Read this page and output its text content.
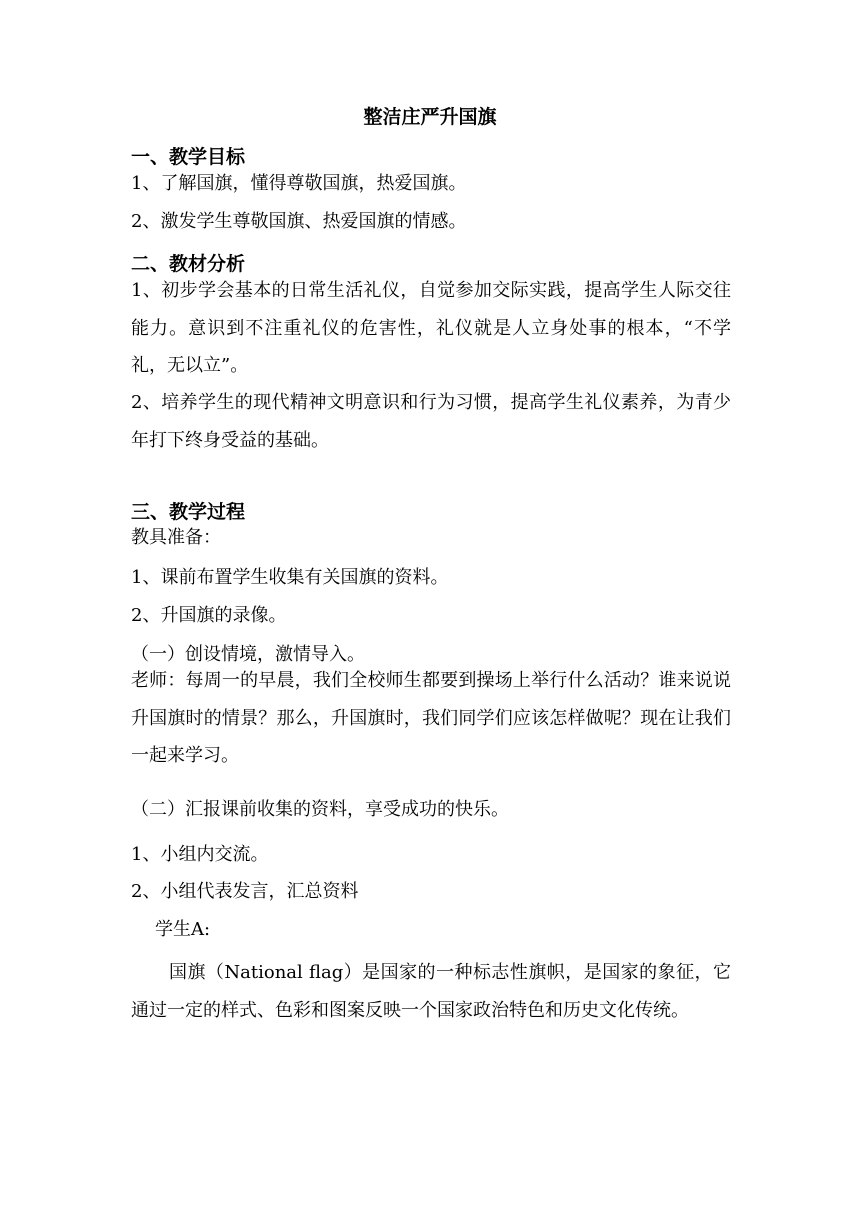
整洁庄严升国旗
一、教学目标
1、了解国旗，懂得尊敬国旗，热爱国旗。
2、激发学生尊敬国旗、热爱国旗的情感。
二、教材分析
1、初步学会基本的日常生活礼仪，自觉参加交际实践，提高学生人际交往能力。意识到不注重礼仪的危害性，礼仪就是人立身处事的根本，“不学礼，无以立”。
2、培养学生的现代精神文明意识和行为习惯，提高学生礼仪素养，为青少年打下终身受益的基础。
三、教学过程
教具准备：
1、课前布置学生收集有关国旗的资料。
2、升国旗的录像。
（一）创设情境，激情导入。
老师：每周一的早晨，我们全校师生都要到操场上举行什么活动？谁来说说升国旗时的情景？那么，升国旗时，我们同学们应该怎样做呢？现在让我们一起来学习。
（二）汇报课前收集的资料，享受成功的快乐。
1、小组内交流。
2、小组代表发言，汇总资料
学生A:
国旗（National flag）是国家的一种标志性旗帜，是国家的象征，它通过一定的样式、色彩和图案反映一个国家政治特色和历史文化传统。
